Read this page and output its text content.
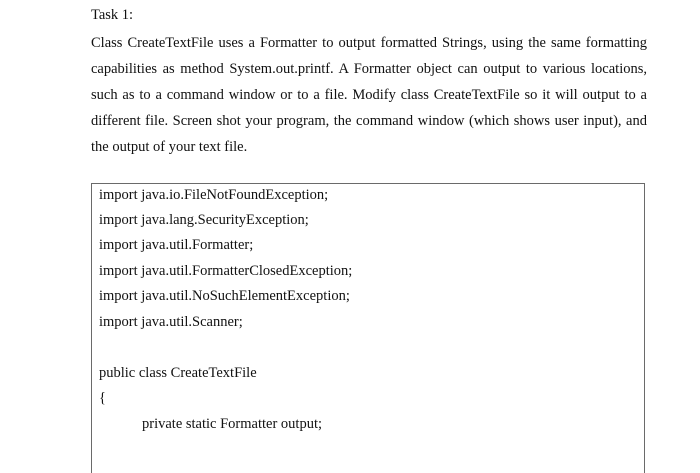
Task 1:
Class CreateTextFile uses a Formatter to output formatted Strings, using the same formatting
capabilities as method System.out.printf. A Formatter object can output to various locations,
such as to a command window or to a file. Modify class CreateTextFile so it will output to a
different file. Screen shot your program, the command window (which shows user input), and
the output of your text file.
import java.io.FileNotFoundException;
import java.lang.SecurityException;
import java.util.Formatter;
import java.util.FormatterClosedException;
import java.util.NoSuchElementException;
import java.util.Scanner;
public class CreateTextFile
{
private static Formatter output;
